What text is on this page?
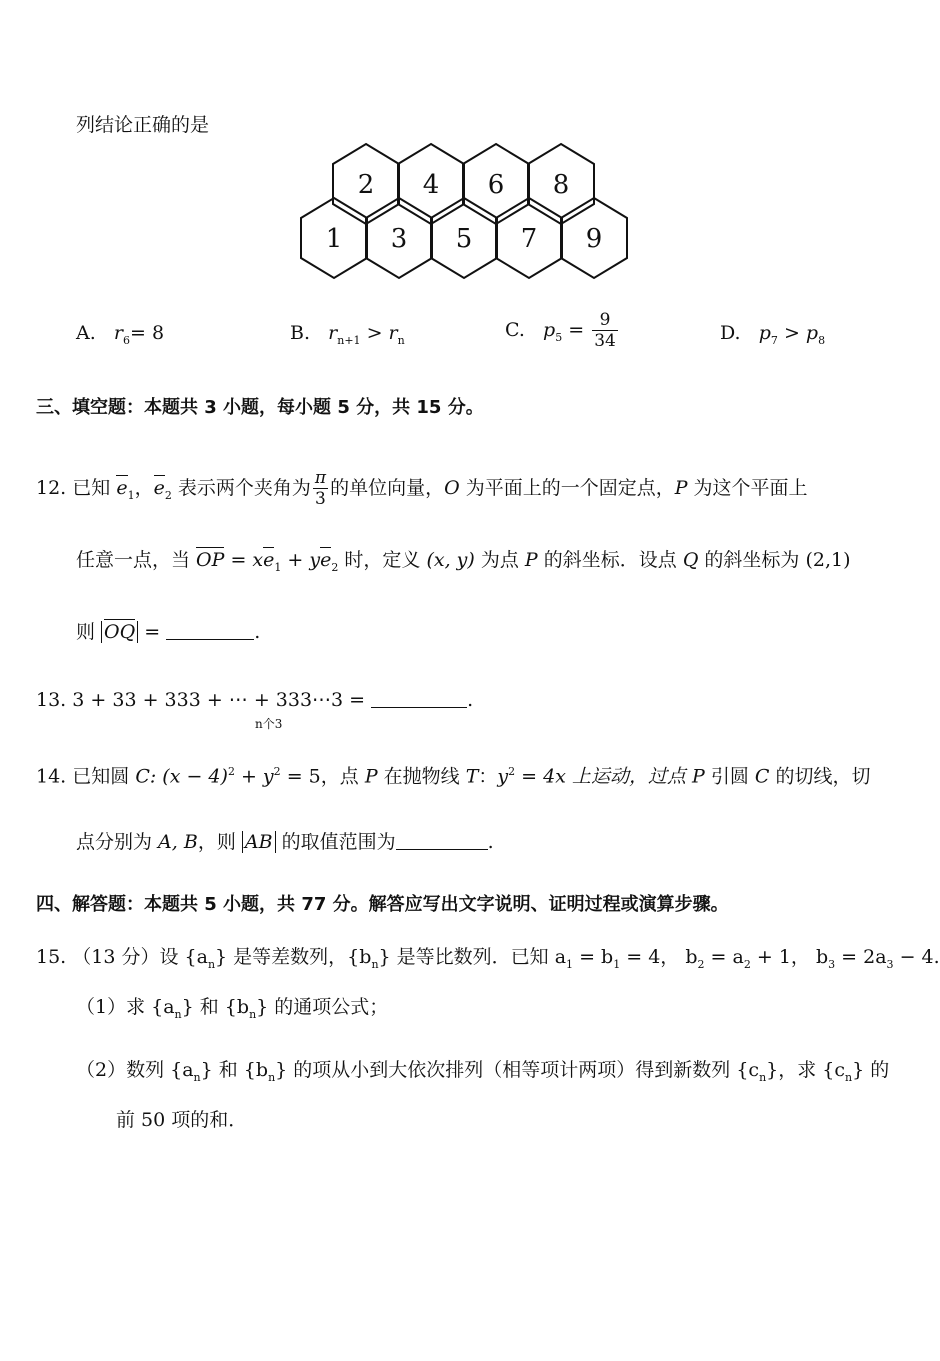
列结论正确的是
2 4 6 8
1 3 5 7 9
A. $r_6= 8$	B. $r_{n+1} > r_n$	C. $p_5 = \frac{9}{34}$	D. $p_7 > p_8$
三、填空题：本题共 3 小题，每小题 5 分，共 15 分。
12. 已知 $e_1$，$e_2$ 表示两个夹角为 $\frac{\pi}{3}$ 的单位向量，O 为平面上的一个固定点，P 为这个平面上
任意一点，当 OP = $xe_1 + ye_2$ 时，定义 (x, y) 为点 P 的斜坐标．设点 Q 的斜坐标为 (2,1)
则 OQ =	.
13. 3 + 33 + 333 + ⋯ + 333⋯3 =	.
n个3
14. 已知圆 C: $(x - 4)^2 + y^2 = 5$，点 P 在抛物线 T：$y^2 = 4x$ 上运动，过点 P 引圆 C 的切线，切
点分别为 A, B，则 AB 的取值范围为	.
四、解答题：本题共 5 小题，共 77 分。解答应写出文字说明、证明过程或演算步骤。
15. （13 分）设 $\{a_n\}$ 是等差数列，$\{b_n\}$ 是等比数列．已知 $a_1 = b_1 = 4$， $b_2 = a_2 + 1$， $b_3 = 2a_3 - 4$.
（1）求 $\{a_n\}$ 和 $\{b_n\}$ 的通项公式；
（2）数列 $\{a_n\}$ 和 $\{b_n\}$ 的项从小到大依次排列（相等项计两项）得到新数列 $\{c_n\}$，求 $\{c_n\}$ 的
前 50 项的和．
